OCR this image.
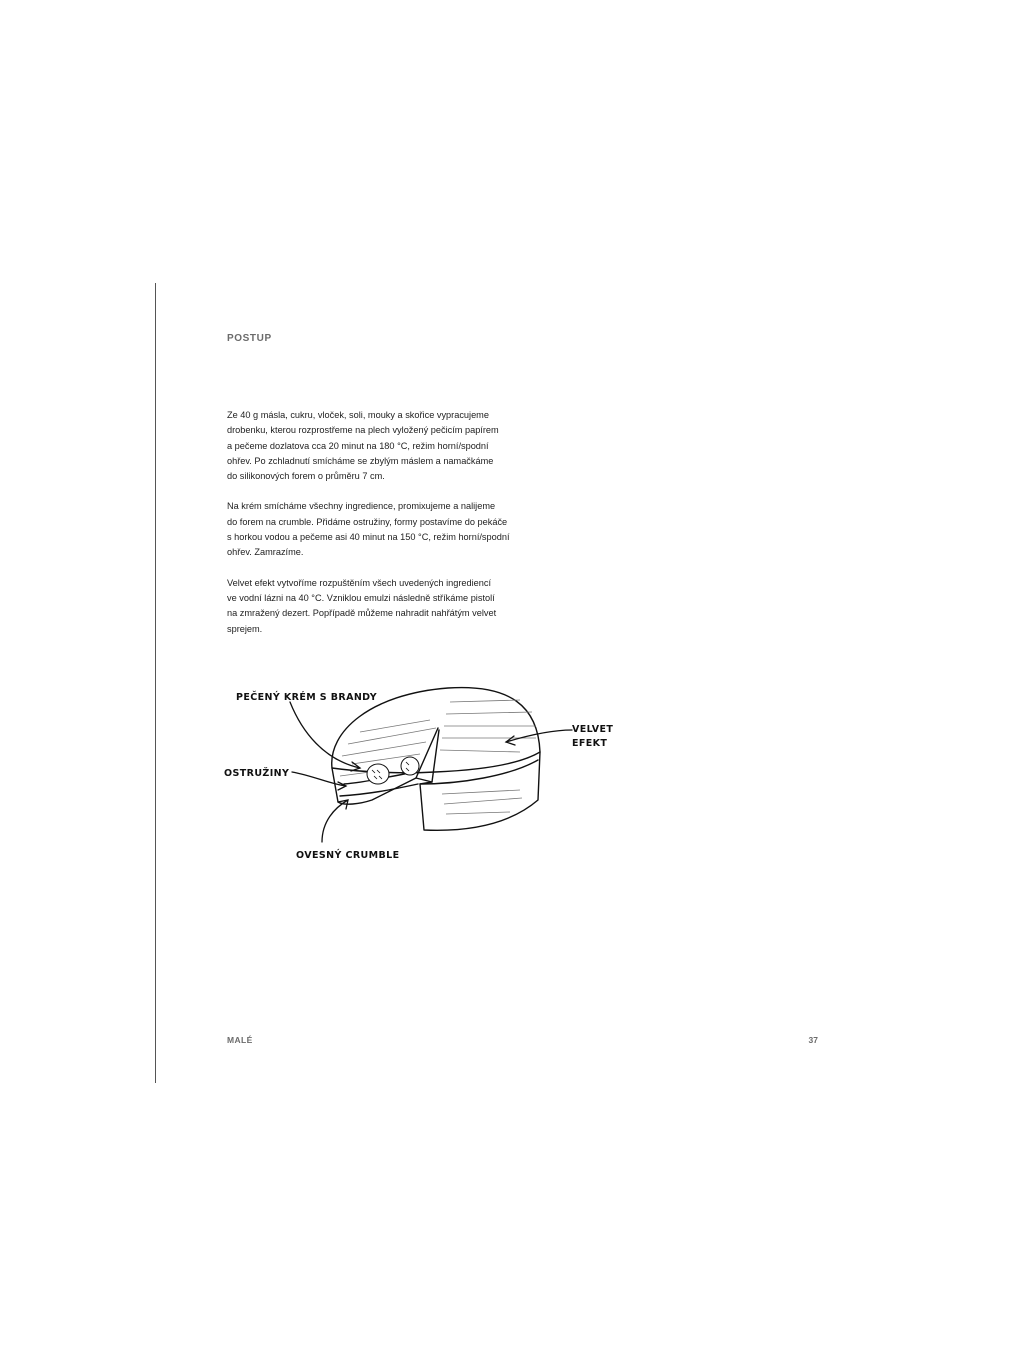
POSTUP

Ze 40 g másla, cukru, vloček, soli, mouky a skořice vypracujeme
drobenku, kterou rozprostřeme na plech vyložený pečicím papírem
a pečeme dozlatova cca 20 minut na 180 °C, režim horní/spodní
ohřev. Po zchladnutí smícháme se zbylým máslem a namačkáme
do silikonových forem o průměru 7 cm.

Na krém smícháme všechny ingredience, promixujeme a nalijeme
do forem na crumble. Přidáme ostružiny, formy postavíme do pekáče
s horkou vodou a pečeme asi 40 minut na 150 °C, režim horní/spodní
ohřev. Zamrazíme.

Velvet efekt vytvoříme rozpuštěním všech uvedených ingrediencí
ve vodní lázni na 40 °C. Vzniklou emulzi následně stříkáme pistolí
na zmražený dezert. Popřípadě můžeme nahradit nahřátým velvet
sprejem.

PEČENÝ KRÉM S BRANDY
OSTRUŽINY
VELVET
EFEKT
OVESNÝ CRUMBLE
MALÉ	37
